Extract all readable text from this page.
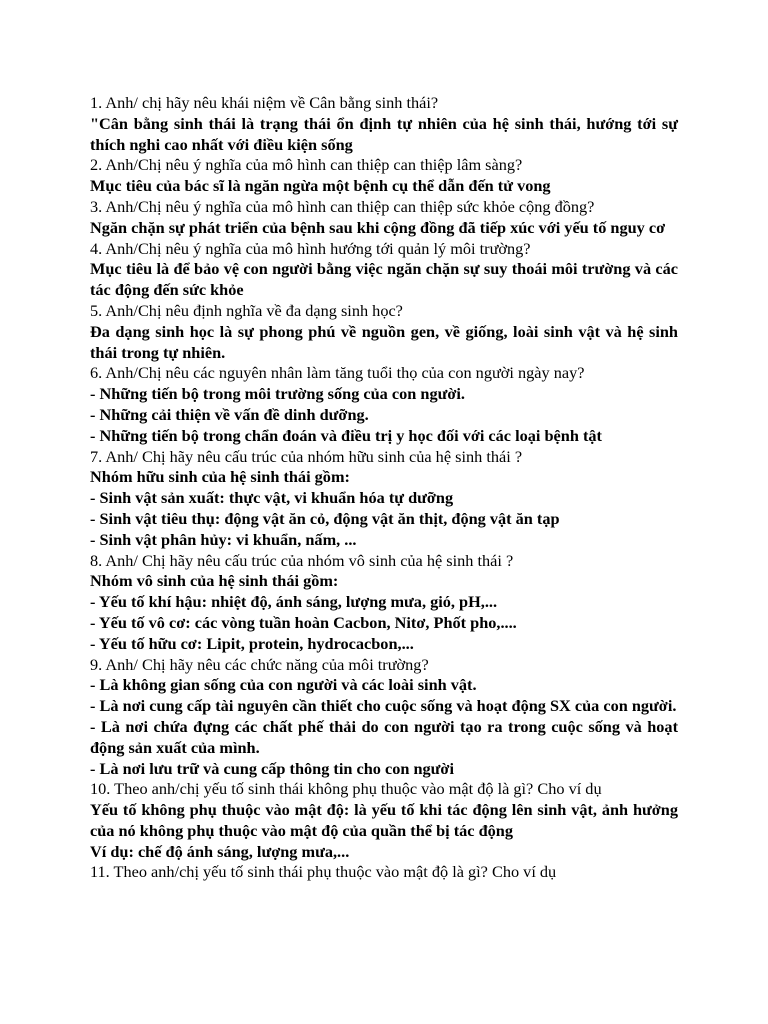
1. Anh/ chị hãy nêu khái niệm về Cân bằng sinh thái?
"Cân bằng sinh thái là trạng thái ổn định tự nhiên của hệ sinh thái, hướng tới sự thích nghi cao nhất với điều kiện sống
2. Anh/Chị nêu ý nghĩa của mô hình can thiệp can thiệp lâm sàng?
Mục tiêu của bác sĩ là ngăn ngừa một bệnh cụ thể dẫn đến tử vong
3. Anh/Chị nêu ý nghĩa của mô hình can thiệp can thiệp sức khỏe cộng đồng?
Ngăn chặn sự phát triển của bệnh sau khi cộng đồng đã tiếp xúc với yếu tố nguy cơ
4. Anh/Chị nêu ý nghĩa của mô hình hướng tới quản lý môi trường?
Mục tiêu là để bảo vệ con người bằng việc ngăn chặn sự suy thoái môi trường và các tác động đến sức khỏe
5. Anh/Chị nêu định nghĩa về đa dạng sinh học?
Đa dạng sinh học là sự phong phú về nguồn gen, về giống, loài sinh vật và hệ sinh thái trong tự nhiên.
6. Anh/Chị nêu các nguyên nhân làm tăng tuổi thọ của con người ngày nay?
- Những tiến bộ trong môi trường sống của con người.
- Những cải thiện về vấn đề dinh dưỡng.
- Những tiến bộ trong chẩn đoán và điều trị y học đối với các loại bệnh tật
7. Anh/ Chị hãy nêu cấu trúc của nhóm hữu sinh của hệ sinh thái ?
Nhóm hữu sinh của hệ sinh thái gồm:
- Sinh vật sản xuất: thực vật, vi khuẩn hóa tự dưỡng
- Sinh vật tiêu thụ: động vật ăn cỏ, động vật ăn thịt, động vật ăn tạp
- Sinh vật phân hủy: vi khuẩn, nấm, ...
8. Anh/ Chị hãy nêu cấu trúc của nhóm vô sinh của hệ sinh thái ?
Nhóm vô sinh của hệ sinh thái gồm:
- Yếu tố khí hậu: nhiệt độ, ánh sáng, lượng mưa, gió, pH,...
- Yếu tố vô cơ: các vòng tuần hoàn Cacbon, Nitơ, Phốt pho,....
- Yếu tố hữu cơ: Lipit, protein, hydrocacbon,...
9. Anh/ Chị hãy nêu các chức năng của môi trường?
- Là không gian sống của con người và các loài sinh vật.
- Là nơi cung cấp tài nguyên cần thiết cho cuộc sống và hoạt động SX của con người.
- Là nơi chứa đựng các chất phế thải do con người tạo ra trong cuộc sống và hoạt động sản xuất của mình.
- Là nơi lưu trữ và cung cấp thông tin cho con người
10. Theo anh/chị yếu tố sinh thái không phụ thuộc vào mật độ là gì? Cho ví dụ
Yếu tố không phụ thuộc vào mật độ: là yếu tố khi tác động lên sinh vật, ảnh hưởng của nó không phụ thuộc vào mật độ của quần thể bị tác động
Ví dụ: chế độ ánh sáng, lượng mưa,...
11. Theo anh/chị yếu tố sinh thái phụ thuộc vào mật độ là gì? Cho ví dụ
